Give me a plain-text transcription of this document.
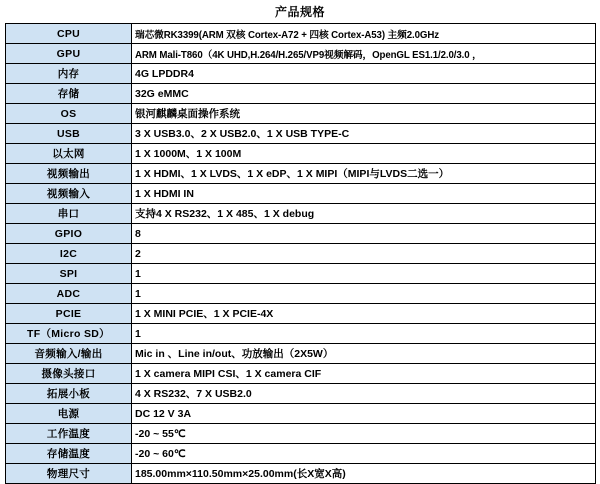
产品规格
CPU	瑞芯微RK3399(ARM 双核 Cortex-A72 + 四核 Cortex-A53) 主频2.0GHz
GPU	ARM Mali-T860（4K UHD,H.264/H.265/VP9视频解码，OpenGL ES1.1/2.0/3.0 ，
内存	4G LPDDR4
存储	32G eMMC
OS	银河麒麟桌面操作系统
USB	3 X USB3.0、2 X USB2.0、1 X USB TYPE-C
以太网	1 X 1000M、1 X 100M
视频输出	1 X HDMI、1 X LVDS、1 X eDP、1 X MIPI（MIPI与LVDS二选一）
视频输入	1 X HDMI IN
串口	支持4 X RS232、1 X 485、1 X debug
GPIO	8
I2C	2
SPI	1
ADC	1
PCIE	1 X MINI PCIE、1 X PCIE-4X
TF（Micro SD）	1
音频输入/输出	Mic in 、Line in/out、功放输出（2X5W）
摄像头接口	1 X camera MIPI CSI、1 X camera CIF
拓展小板	4 X RS232、7 X USB2.0
电源	DC 12 V 3A
工作温度	-20 ~ 55℃
存储温度	-20 ~ 60℃
物理尺寸	185.00mm×110.50mm×25.00mm(长X宽X高)
